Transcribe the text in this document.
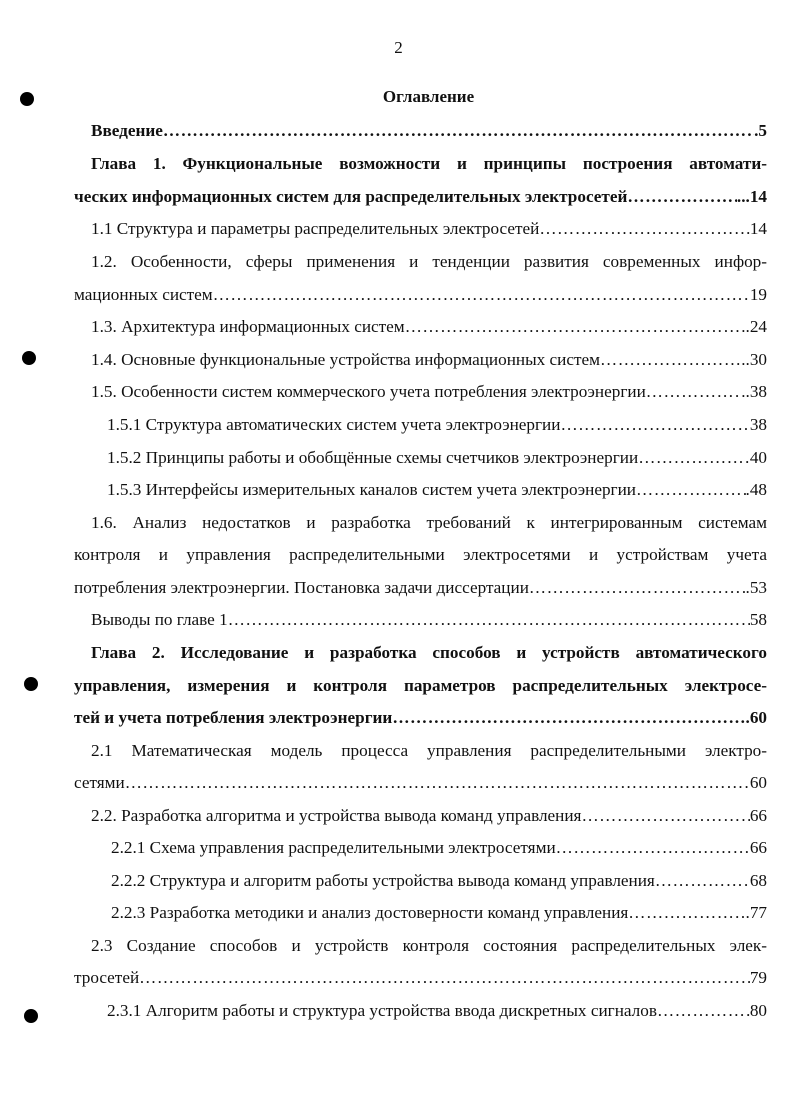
2
Оглавление
Введение …………………………………………………………………………………………………………………………………………………………	.5
Глава 1. Функциональные возможности и принципы построения автомати-
ческих информационных систем для распределительных электросетей …………………………………………………………………………………………………………………………………………………………	...14
1.1 Структура и параметры распределительных электросетей …………………………………………………………………………………………………………………………………………………………	14
1.2. Особенности, сферы применения и тенденции развития современных инфор-
мационных систем …………………………………………………………………………………………………………………………………………………………	19
1.3. Архитектура информационных систем …………………………………………………………………………………………………………………………………………………………	..24
1.4. Основные функциональные устройства информационных систем …………………………………………………………………………………………………………………………………………………………	..30
1.5. Особенности систем коммерческого учета потребления электроэнергии …………………………………………………………………………………………………………………………………………………………	..38
1.5.1 Структура автоматических систем учета электроэнергии …………………………………………………………………………………………………………………………………………………………	38
1.5.2 Принципы работы и обобщённые схемы счетчиков электроэнергии …………………………………………………………………………………………………………………………………………………………	40
1.5.3 Интерфейсы измерительных каналов систем учета электроэнергии …………………………………………………………………………………………………………………………………………………………	.48
1.6. Анализ недостатков и разработка требований к интегрированным системам
контроля и управления распределительными электросетями и устройствам учета
потребления электроэнергии. Постановка задачи диссертации …………………………………………………………………………………………………………………………………………………………	.53
Выводы по главе 1 …………………………………………………………………………………………………………………………………………………………	58
Глава 2. Исследование и разработка способов и устройств автоматического
управления, измерения и контроля параметров распределительных электросе-
тей и учета потребления электроэнергии …………………………………………………………………………………………………………………………………………………………	.60
2.1 Математическая модель процесса управления распределительными электро-
сетями …………………………………………………………………………………………………………………………………………………………	60
2.2. Разработка алгоритма и устройства вывода команд управления …………………………………………………………………………………………………………………………………………………………	66
2.2.1 Схема управления распределительными электросетями …………………………………………………………………………………………………………………………………………………………	66
2.2.2 Структура и алгоритм работы устройства вывода команд управления …………………………………………………………………………………………………………………………………………………………	68
2.2.3 Разработка методики и анализ достоверности команд управления …………………………………………………………………………………………………………………………………………………………	.77
2.3 Создание способов и устройств контроля состояния распределительных элек-
тросетей …………………………………………………………………………………………………………………………………………………………	79
2.3.1 Алгоритм работы и структура устройства ввода дискретных сигналов …………………………………………………………………………………………………………………………………………………………	80
